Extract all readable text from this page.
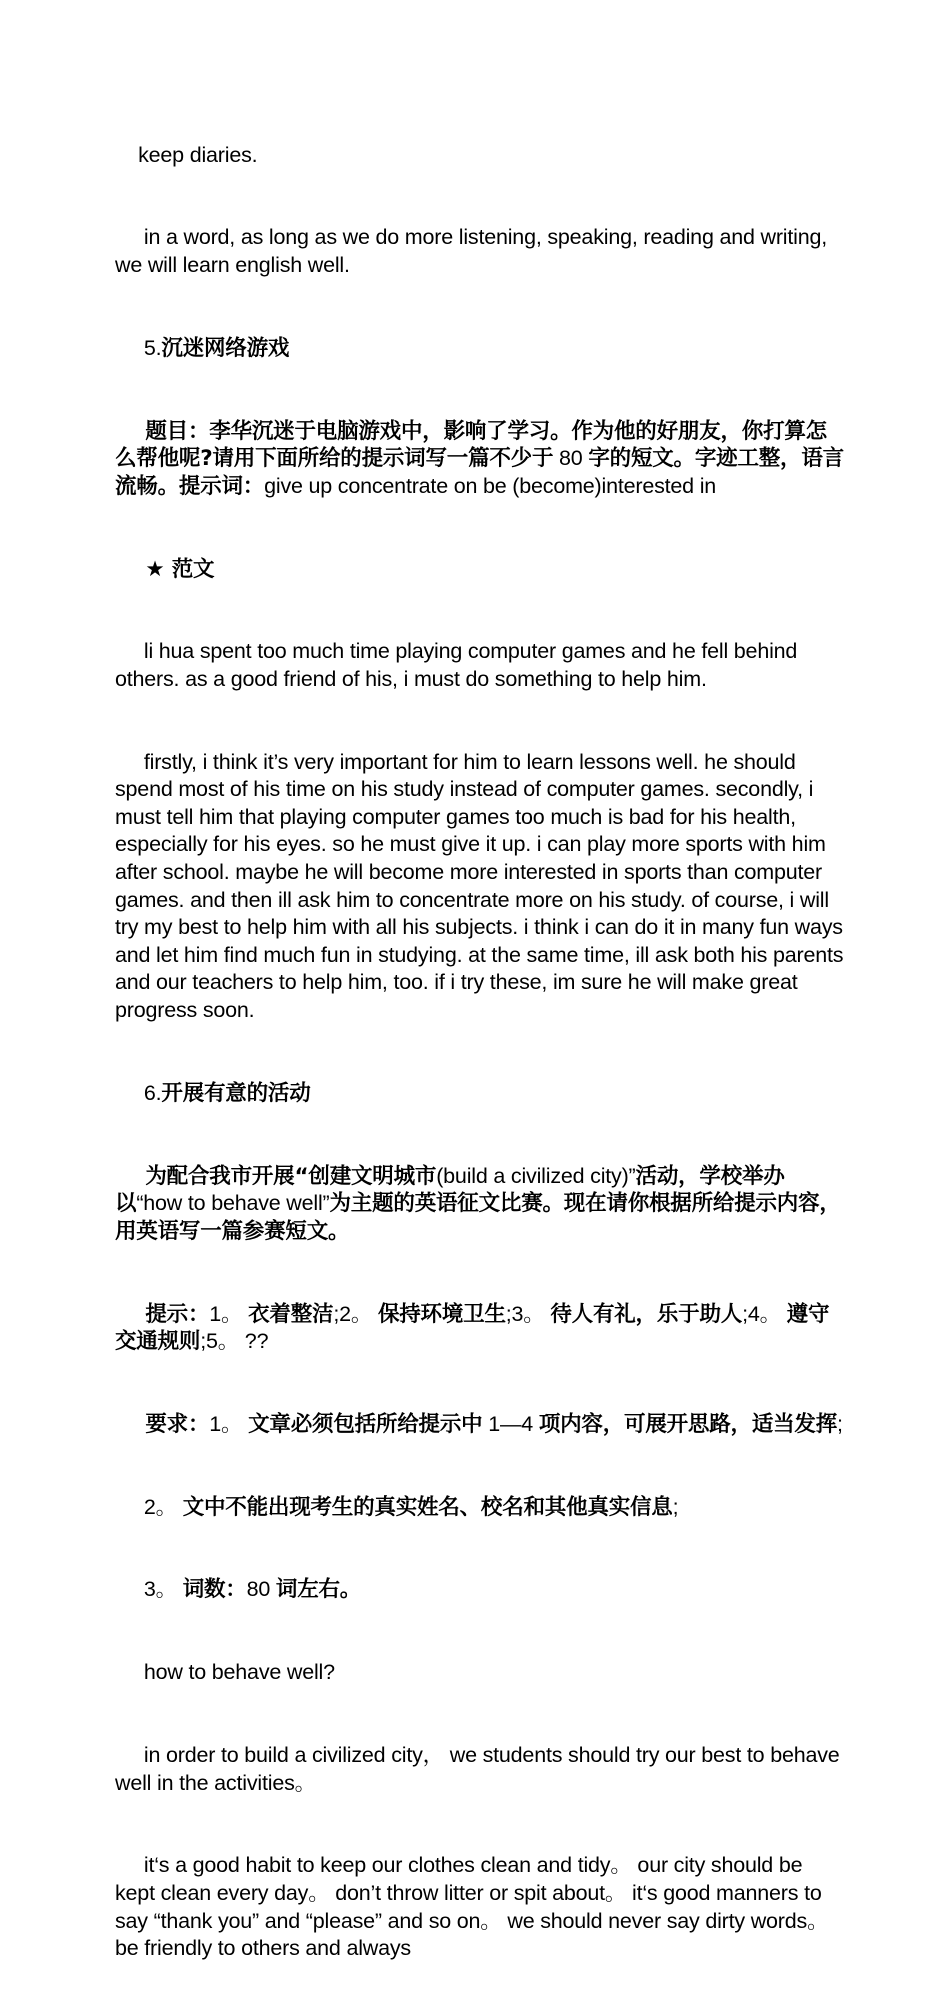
keep diaries.

in a word, as long as we do more listening, speaking, reading and writing, we will learn english well.

5.沉迷网络游戏

题目：李华沉迷于电脑游戏中，影响了学习。作为他的好朋友，你打算怎么帮他呢?请用下面所给的提示词写一篇不少于 80 字的短文。字迹工整，语言流畅。提示词：give up concentrate on be (become)interested in

★ 范文

li hua spent too much time playing computer games and he fell behind others. as a good friend of his, i must do something to help him.

firstly, i think it’s very important for him to learn lessons well. he should spend most of his time on his study instead of computer games. secondly, i must tell him that playing computer games too much is bad for his health, especially for his eyes. so he must give it up. i can play more sports with him after school. maybe he will become more interested in sports than computer games. and then ill ask him to concentrate more on his study. of course, i will try my best to help him with all his subjects. i think i can do it in many fun ways and let him find much fun in studying. at the same time, ill ask both his parents and our teachers to help him, too. if i try these, im sure he will make great progress soon.

6.开展有意的活动

为配合我市开展“创建文明城市(build a civilized city)”活动，学校举办以“how to behave well”为主题的英语征文比赛。现在请你根据所给提示内容，用英语写一篇参赛短文。

提示：1。 衣着整洁;2。 保持环境卫生;3。 待人有礼，乐于助人;4。 遵守交通规则;5。 ??

要求：1。 文章必须包括所给提示中 1—4 项内容，可展开思路，适当发挥;

2。 文中不能出现考生的真实姓名、校名和其他真实信息;

3。 词数：80 词左右。

how to behave well?

in order to build a civilized city， we students should try our best to behave well in the activities。

it‘s a good habit to keep our clothes clean and tidy。 our city should be kept clean every day。 don’t throw litter or spit about。 it‘s good manners to say “thank you” and “please” and so on。 we should never say dirty words。 be friendly to others and always
